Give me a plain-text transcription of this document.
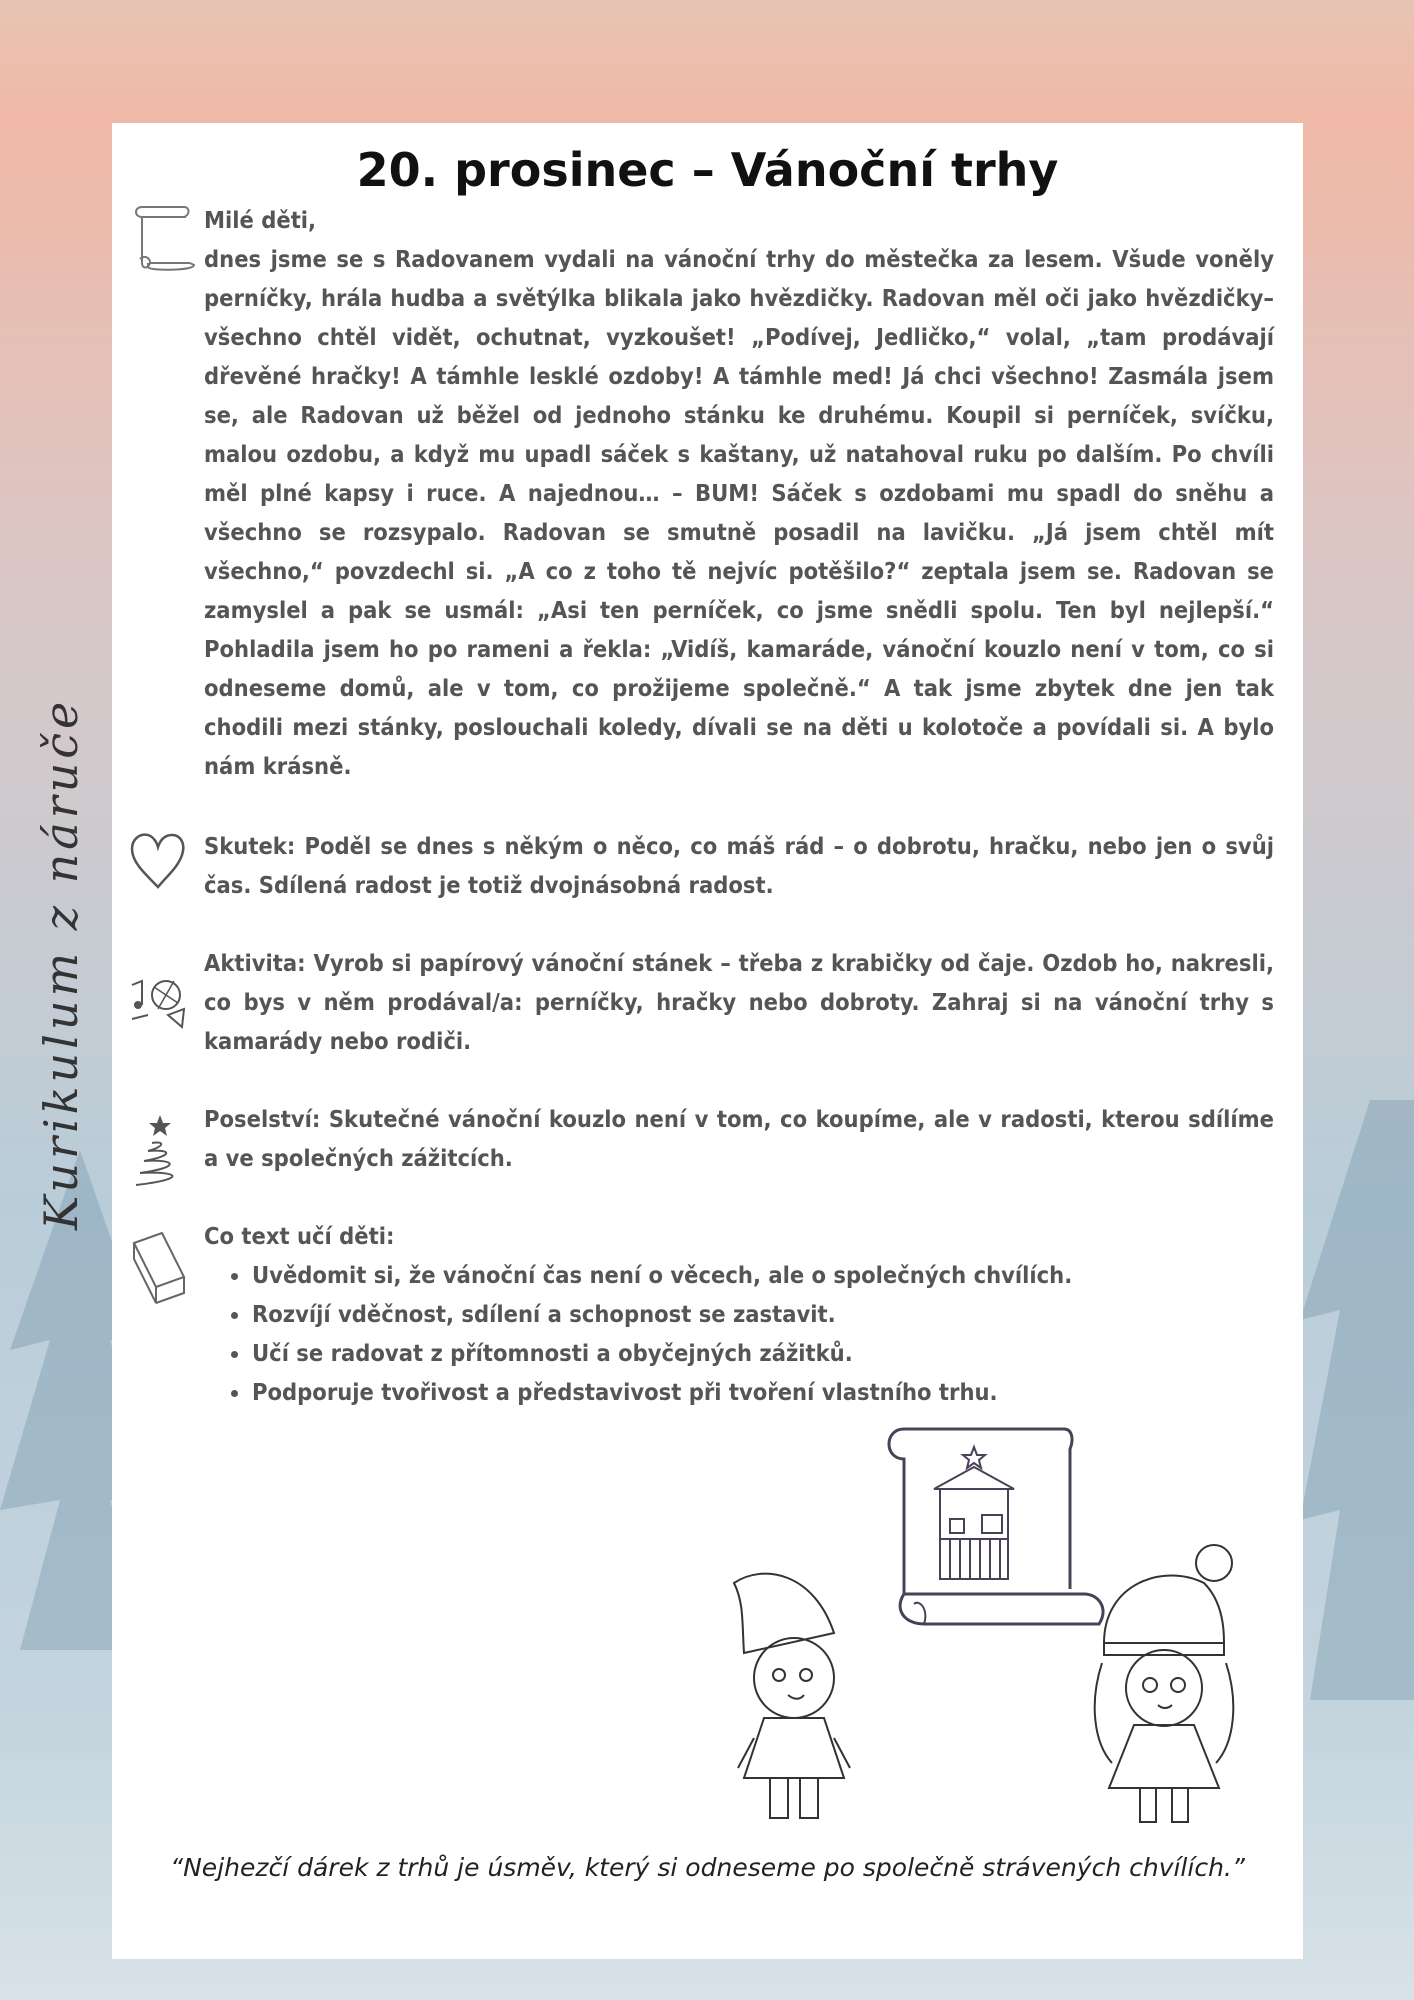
Kurikulum z náruče
20. prosinec – Vánoční trhy

Milé děti,

dnes jsme se s Radovanem vydali na vánoční trhy do městečka za lesem. Všude voněly perníčky, hrála hudba a světýlka blikala jako hvězdičky. Radovan měl oči jako hvězdičky– všechno chtěl vidět, ochutnat, vyzkoušet! „Podívej, Jedličko,“ volal, „tam prodávají dřevěné hračky! A támhle lesklé ozdoby! A támhle med! Já chci všechno! Zasmála jsem se, ale Radovan už běžel od jednoho stánku ke druhému. Koupil si perníček, svíčku, malou ozdobu, a když mu upadl sáček s kaštany, už natahoval ruku po dalším. Po chvíli měl plné kapsy i ruce. A najednou… – BUM! Sáček s ozdobami mu spadl do sněhu a všechno se rozsypalo. Radovan se smutně posadil na lavičku. „Já jsem chtěl mít všechno,“ povzdechl si. „A co z toho tě nejvíc potěšilo?“ zeptala jsem se. Radovan se zamyslel a pak se usmál: „Asi ten perníček, co jsme snědli spolu. Ten byl nejlepší.“ Pohladila jsem ho po rameni a řekla: „Vidíš, kamaráde, vánoční kouzlo není v tom, co si odneseme domů, ale v tom, co prožijeme společně.“ A tak jsme zbytek dne jen tak chodili mezi stánky, poslouchali koledy, dívali se na děti u kolotoče a povídali si. A bylo nám krásně.

Skutek: Poděl se dnes s někým o něco, co máš rád – o dobrotu, hračku, nebo jen o svůj čas. Sdílená radost je totiž dvojnásobná radost.

Aktivita: Vyrob si papírový vánoční stánek – třeba z krabičky od čaje. Ozdob ho, nakresli, co bys v něm prodával/a: perníčky, hračky nebo dobroty. Zahraj si na vánoční trhy s kamarády nebo rodiči.

Poselství: Skutečné vánoční kouzlo není v tom, co koupíme, ale v radosti, kterou sdílíme a ve společných zážitcích.

Co text učí děti:

• Uvědomit si, že vánoční čas není o věcech, ale o společných chvílích.
• Rozvíjí vděčnost, sdílení a schopnost se zastavit.
• Učí se radovat z přítomnosti a obyčejných zážitků.
• Podporuje tvořivost a představivost při tvoření vlastního trhu.

“Nejhezčí dárek z trhů je úsměv, který si odneseme po společně strávených chvílích.”
